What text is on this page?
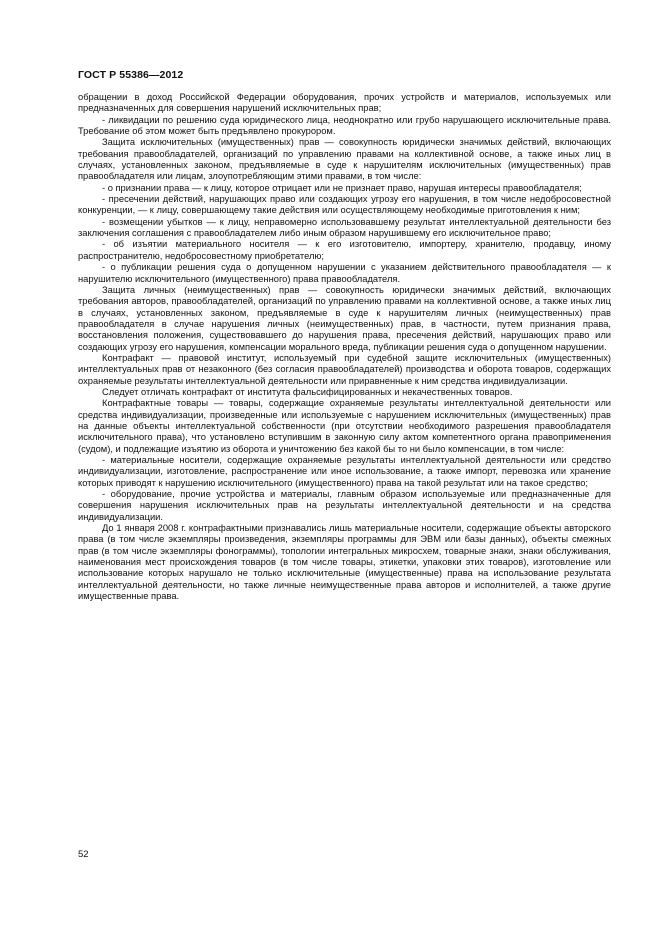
ГОСТ Р 55386—2012

обращении в доход Российской Федерации оборудования, прочих устройств и материалов, используемых или предназначенных для совершения нарушений исключительных прав;

- ликвидации по решению суда юридического лица, неоднократно или грубо нарушающего исключительные права. Требование об этом может быть предъявлено прокурором.

Защита исключительных (имущественных) прав — совокупность юридически значимых действий, включающих требования правообладателей, организаций по управлению правами на коллективной основе, а также иных лиц в случаях, установленных законом, предъявляемые в суде к нарушителям исключительных (имущественных) прав правообладателя или лицам, злоупотребляющим этими правами, в том числе:

- о признании права — к лицу, которое отрицает или не признает право, нарушая интересы правообладателя;

- пресечении действий, нарушающих право или создающих угрозу его нарушения, в том числе недобросовестной конкуренции, — к лицу, совершающему такие действия или осуществляющему необходимые приготовления к ним;

- возмещении убытков — к лицу, неправомерно использовавшему результат интеллектуальной деятельности без заключения соглашения с правообладателем либо иным образом нарушившему его исключительное право;

- об изъятии материального носителя — к его изготовителю, импортеру, хранителю, продавцу, иному распространителю, недобросовестному приобретателю;

- о публикации решения суда о допущенном нарушении с указанием действительного правообладателя — к нарушителю исключительного (имущественного) права правообладателя.

Защита личных (неимущественных) прав — совокупность юридически значимых действий, включающих требования авторов, правообладателей, организаций по управлению правами на коллективной основе, а также иных лиц в случаях, установленных законом, предъявляемые в суде к нарушителям личных (неимущественных) прав правообладателя в случае нарушения личных (неимущественных) прав, в частности, путем признания права, восстановления положения, существовавшего до нарушения права, пресечения действий, нарушающих право или создающих угрозу его нарушения, компенсации морального вреда, публикации решения суда о допущенном нарушении.

Контрафакт — правовой институт, используемый при судебной защите исключительных (имущественных) интеллектуальных прав от незаконного (без согласия правообладателей) производства и оборота товаров, содержащих охраняемые результаты интеллектуальной деятельности или приравненные к ним средства индивидуализации.

Следует отличать контрафакт от института фальсифицированных и некачественных товаров.

Контрафактные товары — товары, содержащие охраняемые результаты интеллектуальной деятельности или средства индивидуализации, произведенные или используемые с нарушением исключительных (имущественных) прав на данные объекты интеллектуальной собственности (при отсутствии необходимого разрешения правообладателя исключительного права), что установлено вступившим в законную силу актом компетентного органа правоприменения (судом), и подлежащие изъятию из оборота и уничтожению без какой бы то ни было компенсации, в том числе:

- материальные носители, содержащие охраняемые результаты интеллектуальной деятельности или средство индивидуализации, изготовление, распространение или иное использование, а также импорт, перевозка или хранение которых приводят к нарушению исключительного (имущественного) права на такой результат или на такое средство;

- оборудование, прочие устройства и материалы, главным образом используемые или предназначенные для совершения нарушения исключительных прав на результаты интеллектуальной деятельности и на средства индивидуализации.

До 1 января 2008 г. контрафактными признавались лишь материальные носители, содержащие объекты авторского права (в том числе экземпляры произведения, экземпляры программы для ЭВМ или базы данных), объекты смежных прав (в том числе экземпляры фонограммы), топологии интегральных микросхем, товарные знаки, знаки обслуживания, наименования мест происхождения товаров (в том числе товары, этикетки, упаковки этих товаров), изготовление или использование которых нарушало не только исключительные (имущественные) права на использование результата интеллектуальной деятельности, но также личные неимущественные права авторов и исполнителей, а также другие имущественные права.

52
